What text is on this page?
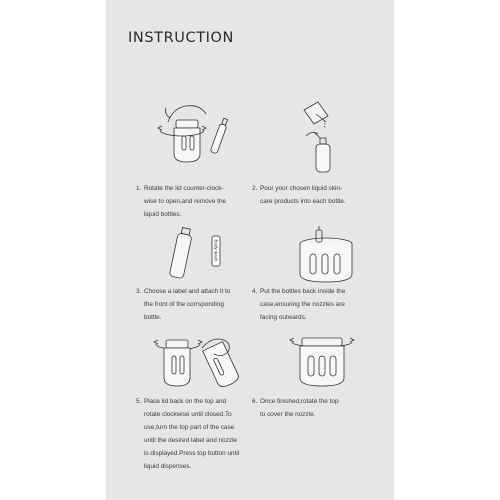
INSTRUCTION
1. Rotate the lid counter-clock-
wise to open,and remove the
liquid bottles.
2. Pour your chosen liquid skin-
care products into each bottle.
Body wash
3. Choose a label and attach it to
the front of the corrsponding
bottle.
4. Put the bottles back inside the
case,ensuring the nozzles are
facing outwards.
5. Place lid back on the top and
rotate clockwise until closed.To
use,turn the top part of the case
until the desired label and nozzle
is displayed.Press top button until
liquid dispenses.
6. Once finished,rotate the top
to cover the nozzle.
